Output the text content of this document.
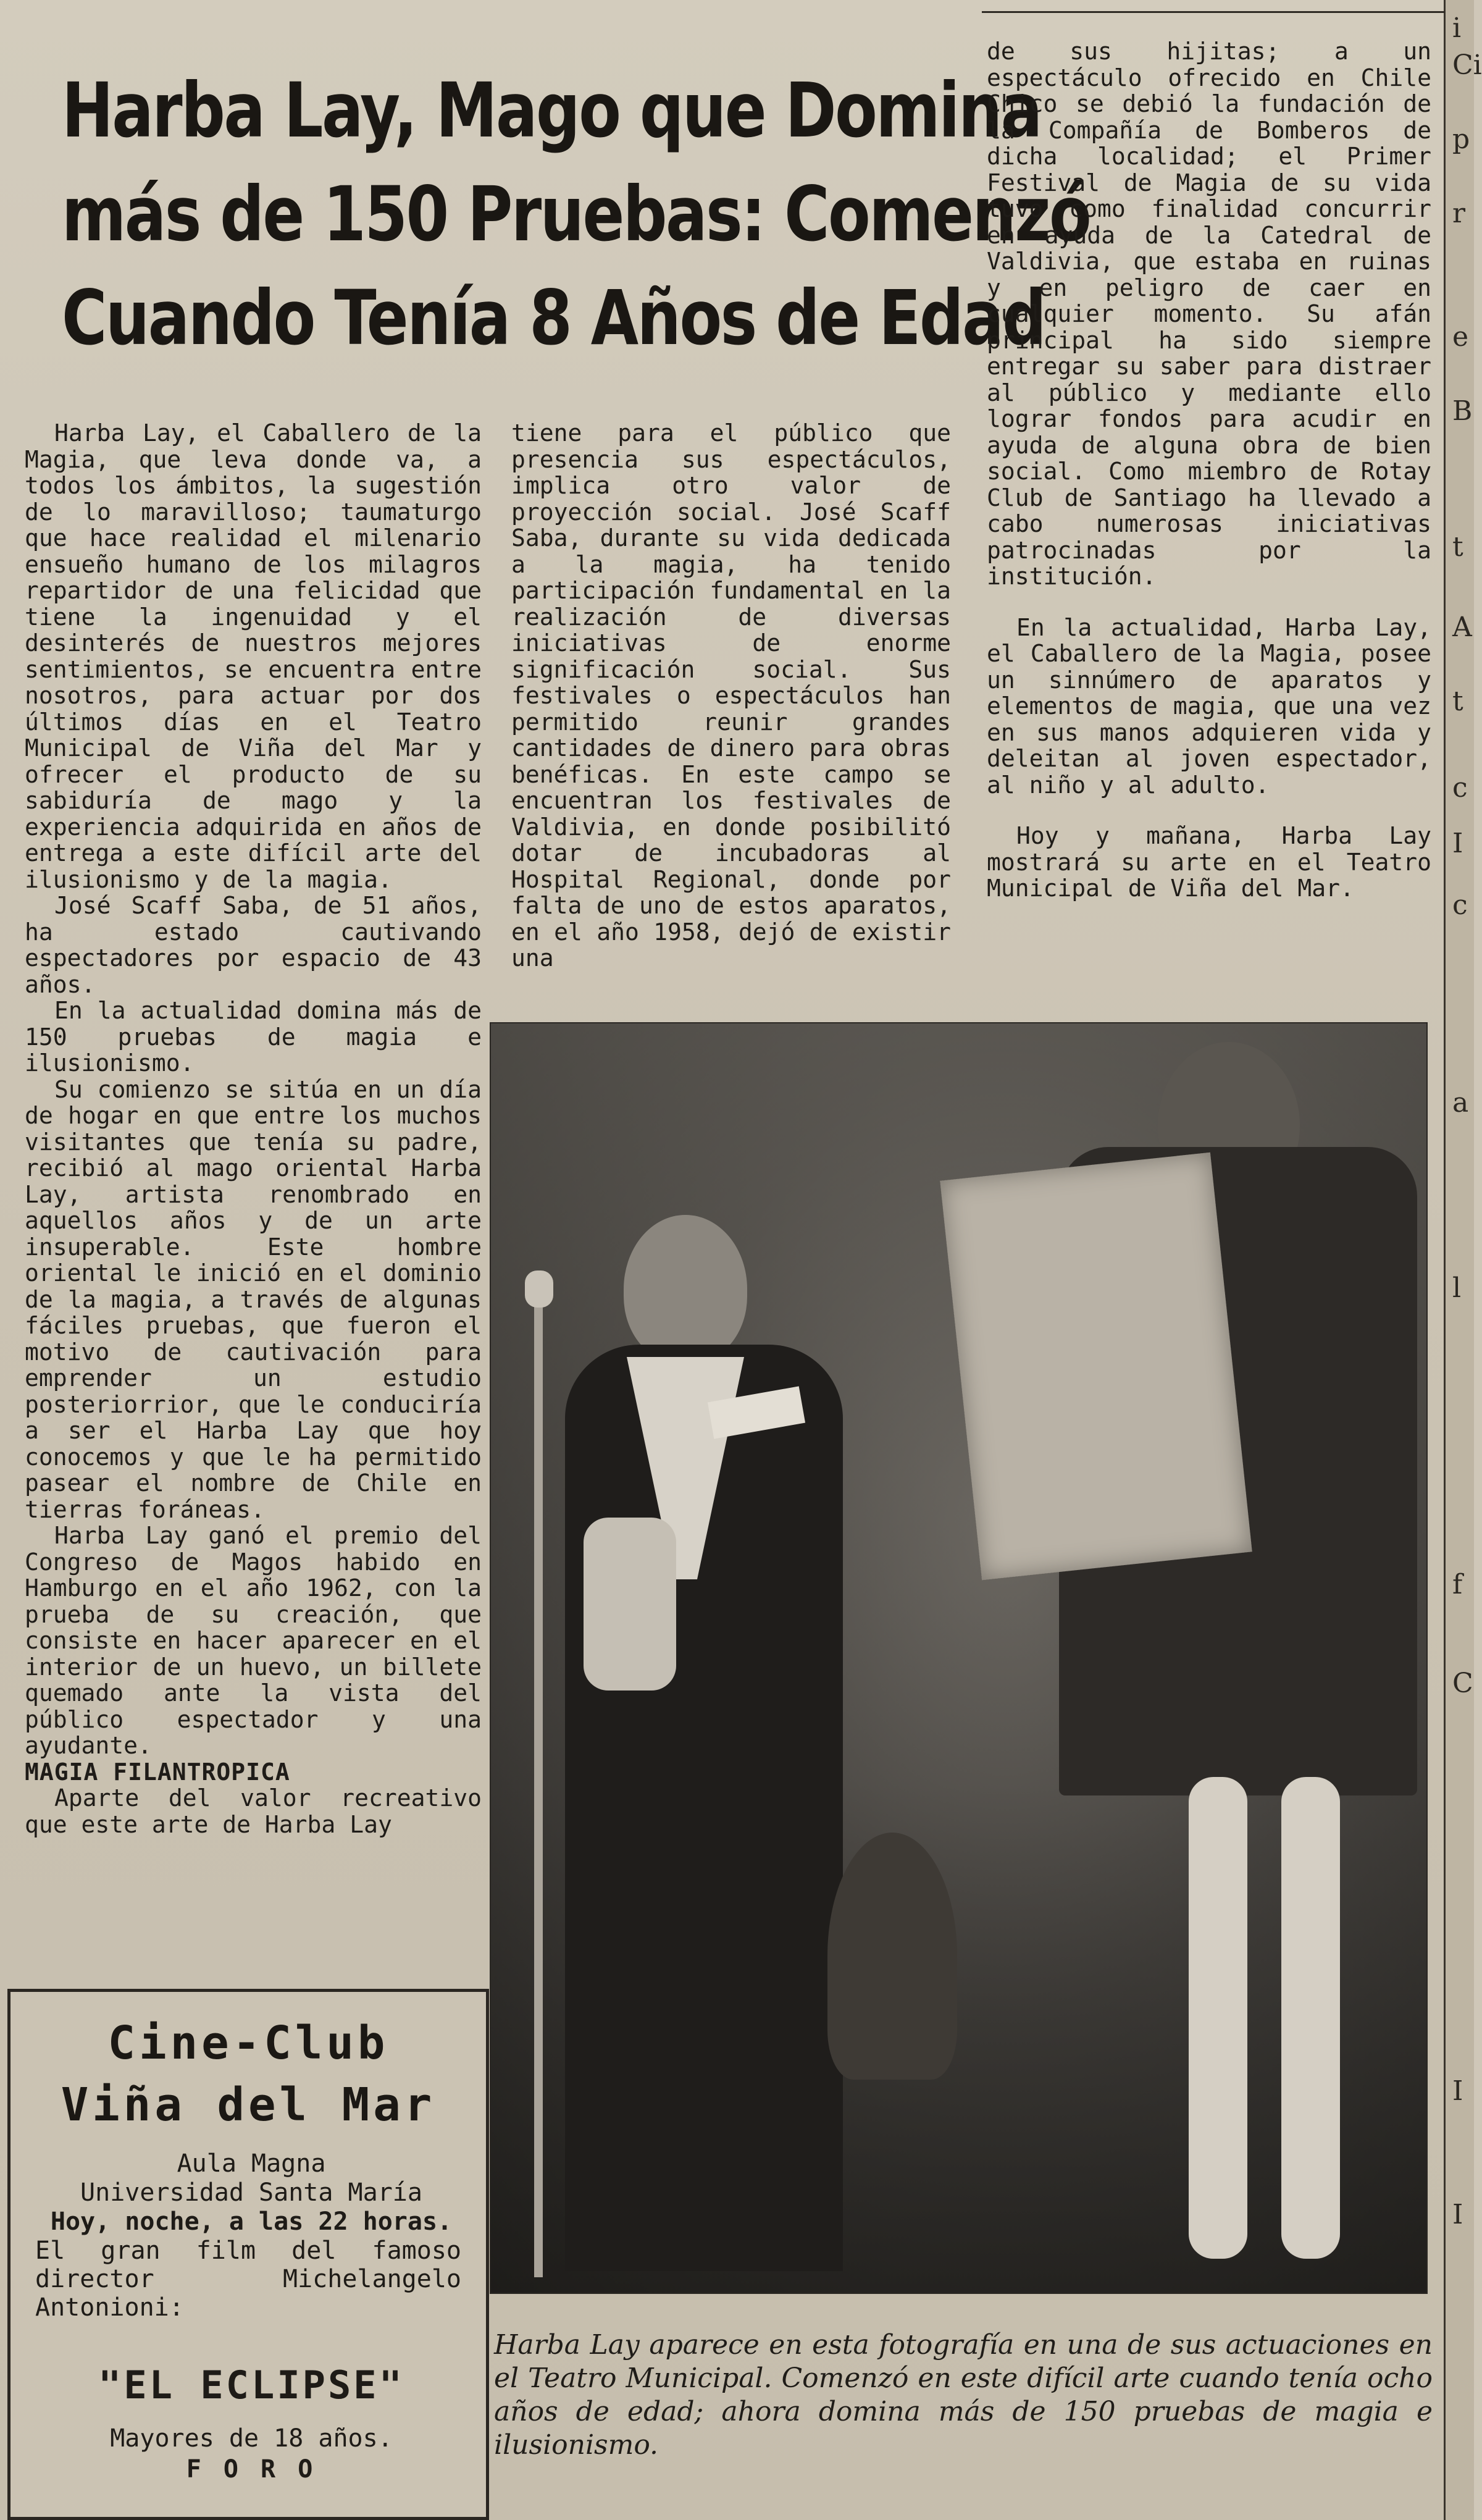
i
Ci
p
r
e
B
t
A
t
c
I
c
a
l
f
C
I
I
Harba Lay, Mago que Domina
más de 150 Pruebas: Comenzó
Cuando Tenía 8 Años de Edad

Harba Lay, el Caballero de la Magia, que leva donde va, a todos los ámbitos, la sugestión de lo maravilloso; taumaturgo que hace realidad el milenario ensueño humano de los milagros repartidor de una felicidad que tiene la ingenuidad y el desinterés de nuestros mejores sentimientos, se encuentra entre nosotros, para actuar por dos últimos días en el Teatro Municipal de Viña del Mar y ofrecer el producto de su sabiduría de mago y la experiencia adquirida en años de entrega a este difícil arte del ilusionismo y de la magia.

José Scaff Saba, de 51 años, ha estado cautivando espectadores por espacio de 43 años.

En la actualidad domina más de 150 pruebas de magia e ilusionismo.

Su comienzo se sitúa en un día de hogar en que entre los muchos visitantes que tenía su padre, recibió al mago oriental Harba Lay, artista renombrado en aquellos años y de un arte insuperable. Este hombre oriental le inició en el dominio de la magia, a través de algunas fáciles pruebas, que fueron el motivo de cautivación para emprender un estudio posteriorrior, que le conduciría a ser el Harba Lay que hoy conocemos y que le ha permitido pasear el nombre de Chile en tierras foráneas.

Harba Lay ganó el premio del Congreso de Magos habido en Hamburgo en el año 1962, con la prueba de su creación, que consiste en hacer aparecer en el interior de un huevo, un billete quemado ante la vista del público espectador y una ayudante.

MAGIA FILANTROPICA

Aparte del valor recreativo que este arte de Harba Lay

tiene para el público que presencia sus espectáculos, implica otro valor de proyección social. José Scaff Saba, durante su vida dedicada a la magia, ha tenido participación fundamental en la realización de diversas iniciativas de enorme significación social. Sus festivales o espectáculos han permitido reunir grandes cantidades de dinero para obras benéficas. En este campo se encuentran los festivales de Valdivia, en donde posibilitó dotar de incubadoras al Hospital Regional, donde por falta de uno de estos aparatos, en el año 1958, dejó de existir una

de sus hijitas; a un espectáculo ofrecido en Chile Chico se debió la fundación de la Compañía de Bomberos de dicha localidad; el Primer Festival de Magia de su vida tuvo como finalidad concurrir en ayuda de la Catedral de Valdivia, que estaba en ruinas y en peligro de caer en cualquier momento. Su afán principal ha sido siempre entregar su saber para distraer al público y mediante ello lograr fondos para acudir en ayuda de alguna obra de bien social. Como miembro de Rotay Club de Santiago ha llevado a cabo numerosas iniciativas patrocinadas por la institución.

En la actualidad, Harba Lay, el Caballero de la Magia, posee un sinnúmero de aparatos y elementos de magia, que una vez en sus manos adquieren vida y deleitan al joven espectador, al niño y al adulto.

Hoy y mañana, Harba Lay mostrará su arte en el Teatro Municipal de Viña del Mar.

Harba Lay aparece en esta fotografía en una de sus actuaciones en el Teatro Municipal. Comenzó en este difícil arte cuando tenía ocho años de edad; ahora domina más de 150 pruebas de magia e ilusionismo.

Cine-Club
Viña del Mar
Aula Magna
Universidad Santa María
Hoy, noche, a las 22 horas.
El gran film del famoso director Michelangelo Antonioni:
"EL ECLIPSE"
Mayores de 18 años.
F O R O
